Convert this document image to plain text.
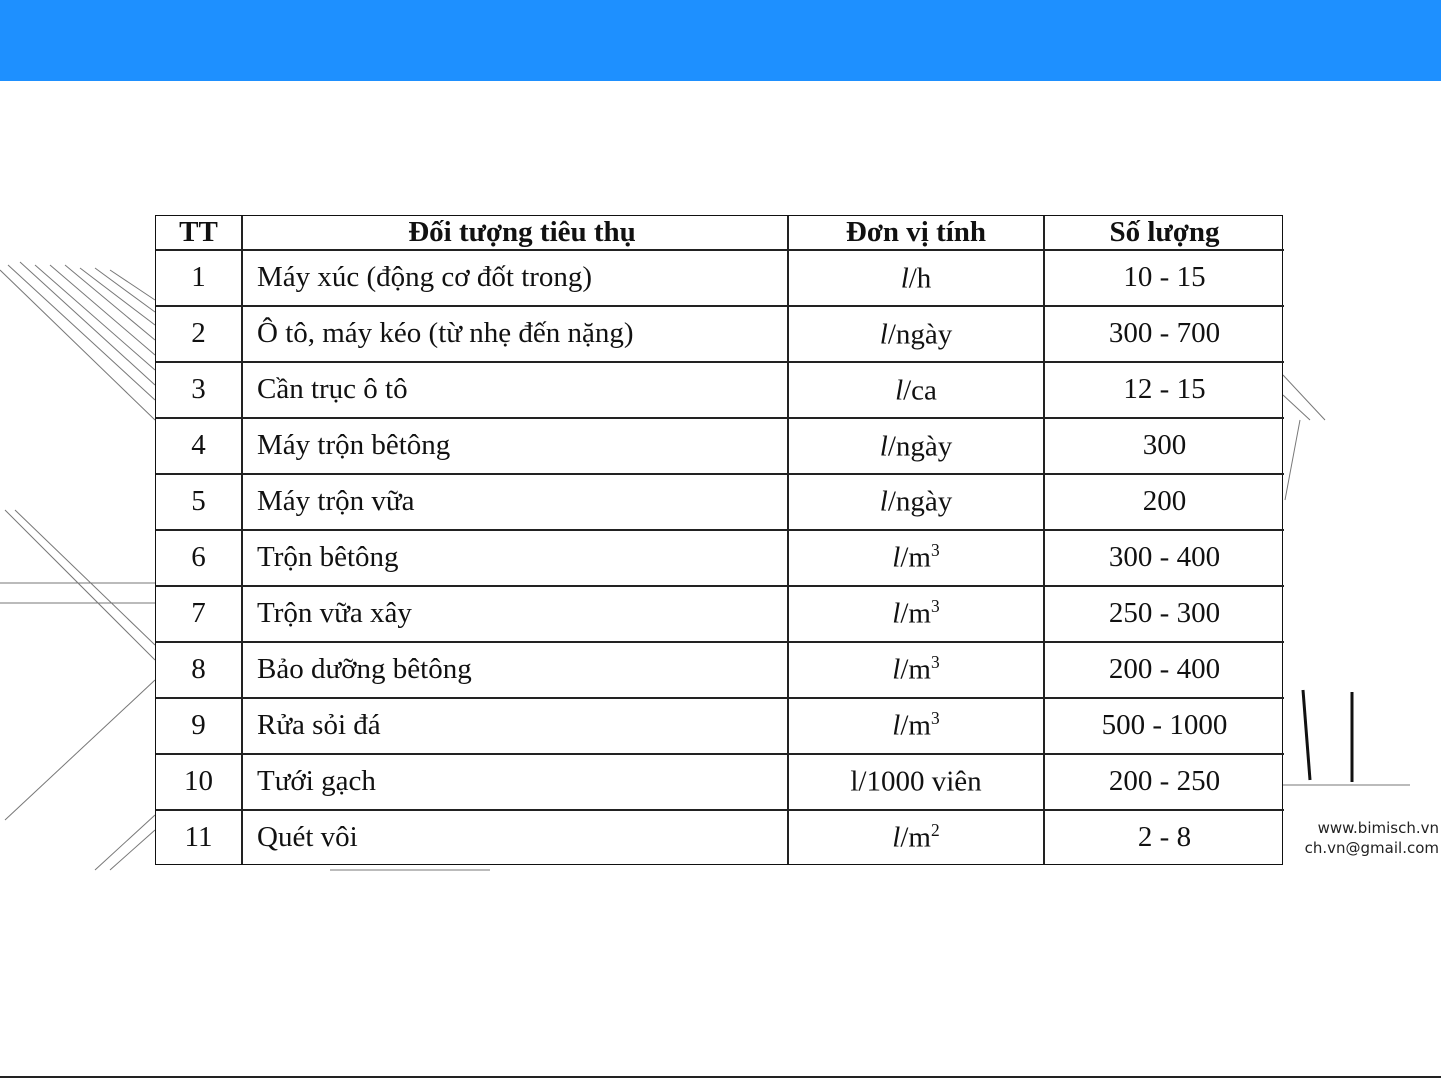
TT	Đối tượng tiêu thụ	Đơn vị tính	Số lượng
1	Máy xúc (động cơ đốt trong)	l/h	10 - 15
2	Ô tô, máy kéo (từ nhẹ đến nặng)	l/ngày	300 - 700
3	Cần trục ô tô	l/ca	12 - 15
4	Máy trộn bêtông	l/ngày	300
5	Máy trộn vữa	l/ngày	200
6	Trộn bêtông	$l/m^3$	300 - 400
7	Trộn vữa xây	$l/m^3$	250 - 300
8	Bảo dưỡng bêtông	$l/m^3$	200 - 400
9	Rửa sỏi đá	$l/m^3$	500 - 1000
10	Tưới gạch	l/1000 viên	200 - 250
11	Quét vôi	$l/m^2$	2 - 8	www.bimisch.vn
ch.vn@gmail.com
